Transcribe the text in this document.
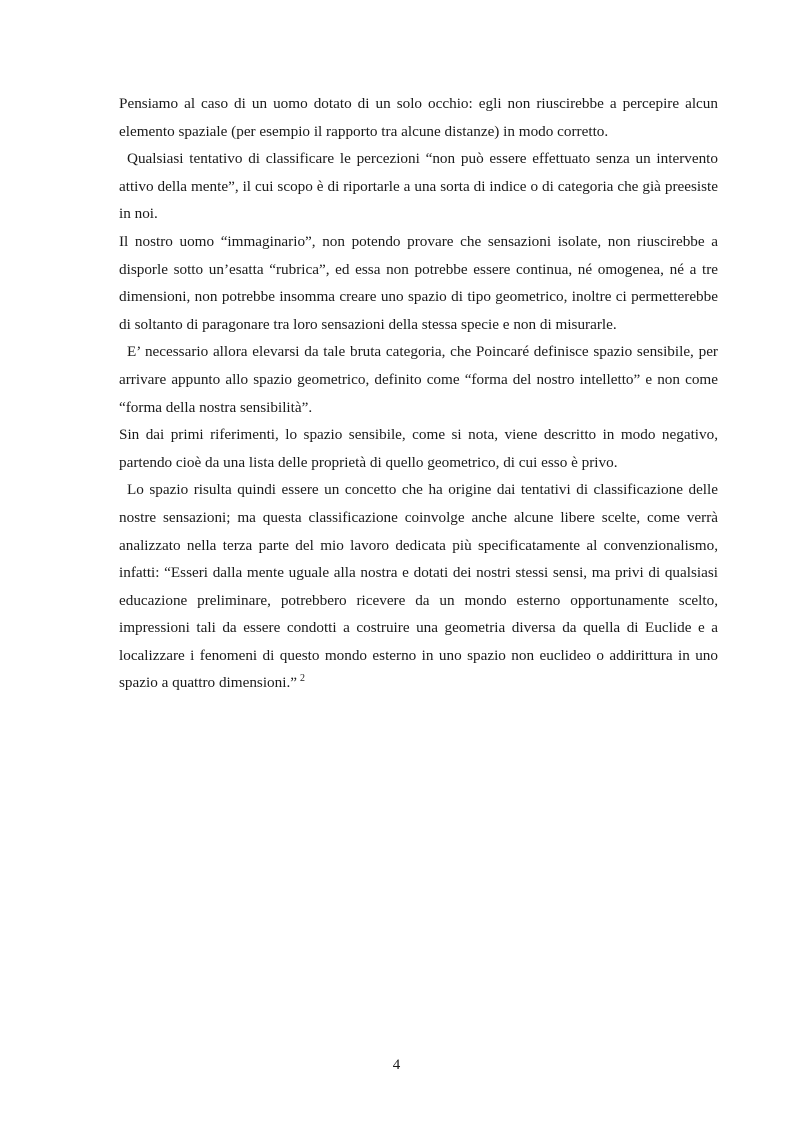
Pensiamo al caso di un uomo dotato di un solo occhio: egli non riuscirebbe a percepire alcun elemento spaziale (per esempio il rapporto tra alcune distanze) in modo corretto.

Qualsiasi tentativo di classificare le percezioni “non può essere effettuato senza un intervento attivo della mente”, il cui scopo è di riportarle a una sorta di indice o di categoria che già preesiste in noi.

Il nostro uomo “immaginario”, non potendo provare che sensazioni isolate, non riuscirebbe a disporle sotto un’esatta “rubrica”, ed essa non potrebbe essere continua, né omogenea, né a tre dimensioni, non potrebbe insomma creare uno spazio di tipo geometrico, inoltre ci permetterebbe di soltanto di paragonare tra loro sensazioni della stessa specie e non di misurarle.

E’ necessario allora elevarsi da tale bruta categoria, che Poincaré definisce spazio sensibile, per arrivare appunto allo spazio geometrico, definito come “forma del nostro intelletto” e non come “forma della nostra sensibilità”.

Sin dai primi riferimenti, lo spazio sensibile, come si nota, viene descritto in modo negativo, partendo cioè da una lista delle proprietà di quello geometrico, di cui esso è privo.

Lo spazio risulta quindi essere un concetto che ha origine dai tentativi di classificazione delle nostre sensazioni; ma questa classificazione coinvolge anche alcune libere scelte, come verrà analizzato nella terza parte del mio lavoro dedicata più specificatamente al convenzionalismo, infatti: “Esseri dalla mente uguale alla nostra e dotati dei nostri stessi sensi, ma privi di qualsiasi educazione preliminare, potrebbero ricevere da un mondo esterno opportunamente scelto, impressioni tali da essere condotti a costruire una geometria diversa da quella di Euclide e a localizzare i fenomeni di questo mondo esterno in uno spazio non euclideo o addirittura in uno spazio a quattro dimensioni.” $^2$

4
